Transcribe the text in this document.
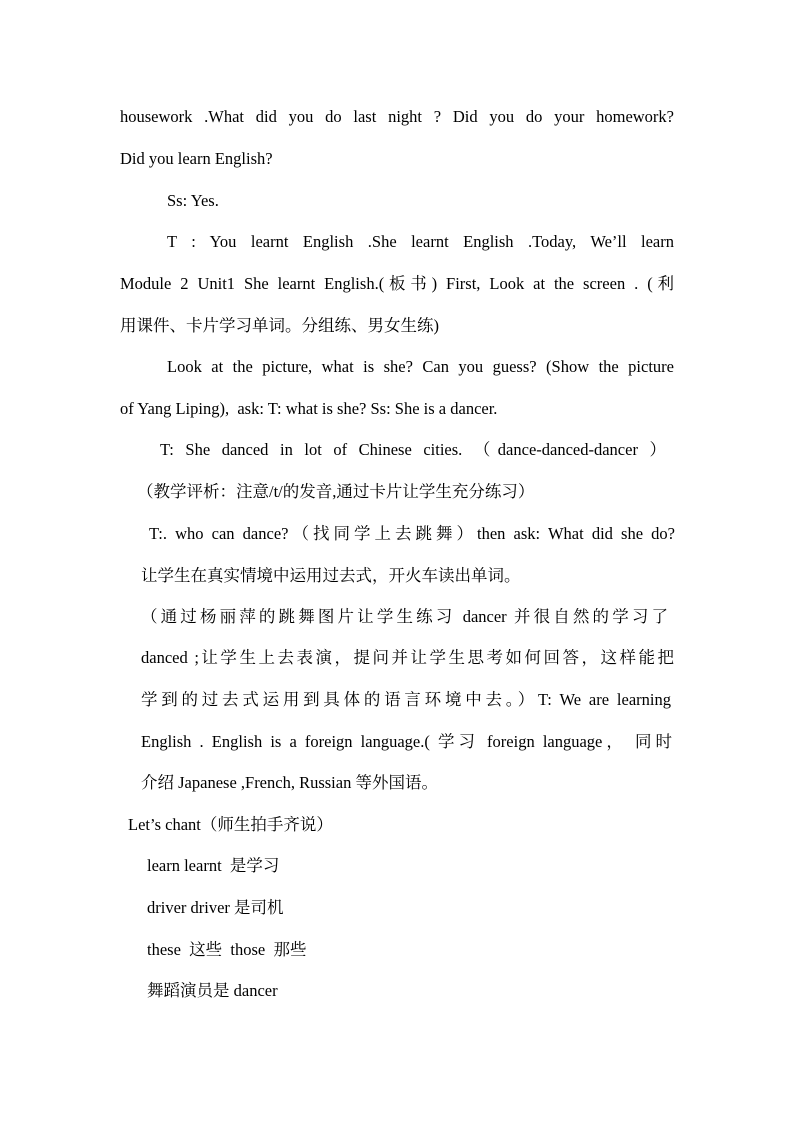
housework .What did you do last night ? Did you do your homework?
Did you learn English?
Ss: Yes.
T : You learnt English .She learnt English .Today, We’ll learn
Module 2 Unit1 She learnt English.(板书) First, Look at the screen . (利
用课件、卡片学习单词。分组练、男女生练)
Look at the picture, what is she? Can you guess? (Show the picture
of Yang Liping),  ask: T: what is she? Ss: She is a dancer.
T: She danced in lot of Chinese cities. （dance-danced-dancer ）
（教学评析：注意/t/的发音,通过卡片让学生充分练习）
T:. who can dance?（找同学上去跳舞）then ask: What did she do?
让学生在真实情境中运用过去式，开火车读出单词。
（通过杨丽萍的跳舞图片让学生练习 dancer 并很自然的学习了
danced ;让学生上去表演，提问并让学生思考如何回答，这样能把
学到的过去式运用到具体的语言环境中去。）T: We are learning
English . English is a foreign language.( 学习 foreign language， 同时
介绍 Japanese ,French, Russian 等外国语。
Let’s chant（师生拍手齐说）
learn learnt  是学习
driver driver 是司机
these  这些  those  那些
舞蹈演员是 dancer
